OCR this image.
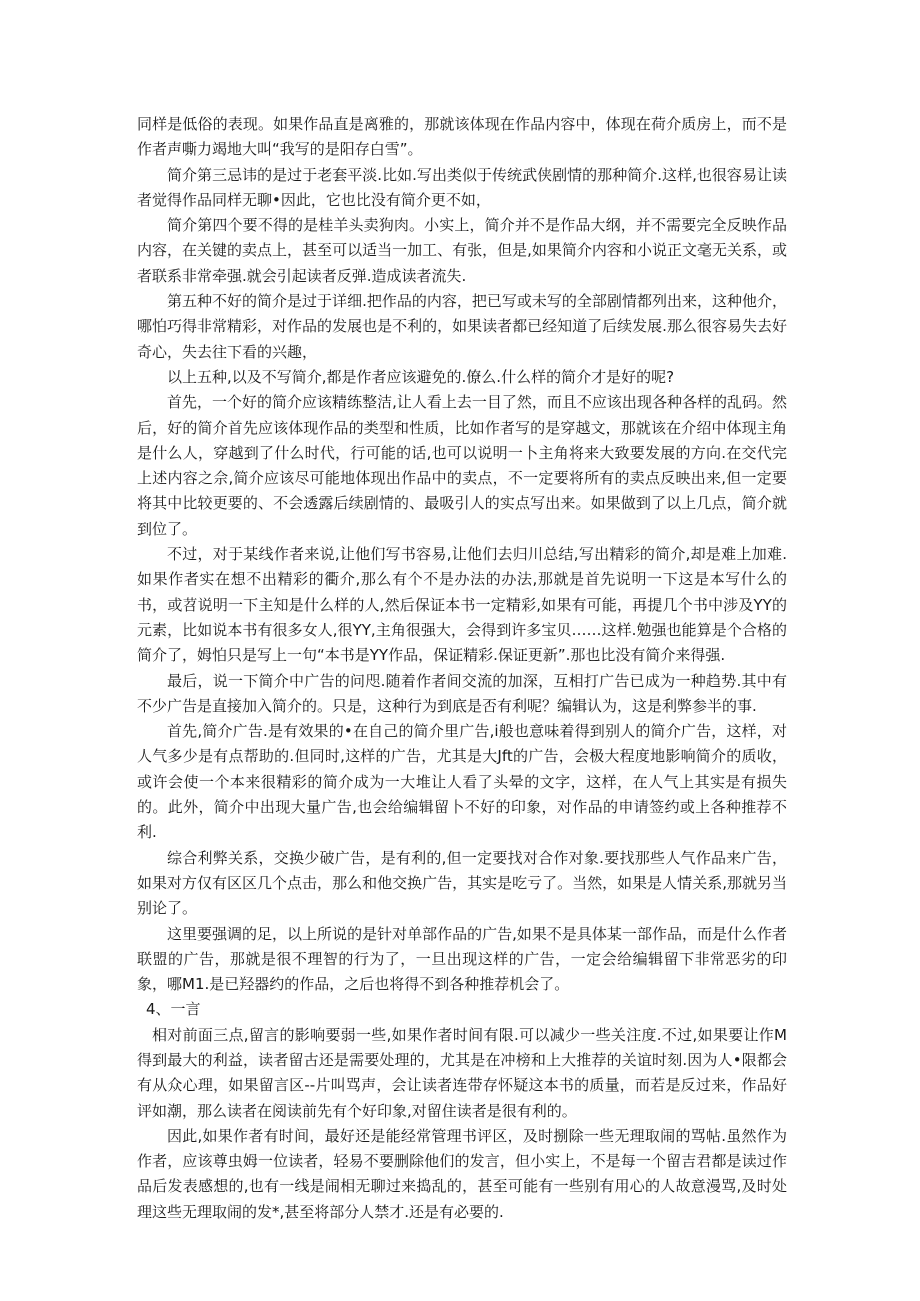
同样是低俗的表现。如果作品直是离雅的，那就该体现在作品内容中，体现在荷介质房上，而不是作者声嘶力竭地大叫“我写的是阳存白雪”。

简介第三忌讳的是过于老套平淡.比如.写出类似于传统武侠剧情的那种简介.这样,也很容易让读者觉得作品同样无聊•因此，它也比没有简介更不如，

简介第四个要不得的是桂羊头卖狗肉。小实上，简介并不是作品大纲，并不需要完全反映作品内容，在关键的卖点上，甚至可以适当一加工、有张，但是,如果简介内容和小说正文毫无关系，或者联系非常牵强.就会引起读者反弹.造成读者流失.

第五种不好的简介是过于详细.把作品的内容，把已写或未写的全部剧情都列出来，这种他介，哪怕巧得非常精彩，对作品的发展也是不利的，如果读者都已经知道了后续发展.那么很容易失去好奇心，失去往下看的兴趣，

以上五种,以及不写简介,都是作者应该避免的.僚么.什么样的简介才是好的呢?

首先，一个好的简介应该精练整洁,让人看上去一目了然，而且不应该出现各种各样的乱码。然后，好的简介首先应该体现作品的类型和性质，比如作者写的是穿越文，那就该在介绍中体现主角是什么人，穿越到了什么时代，行可能的话,也可以说明一卜主角将来大致要发展的方向.在交代完上述内容之佘,简介应该尽可能地体现出作品中的卖点，不一定要将所有的卖点反映出来,但一定要将其中比较更要的、不会透露后续剧情的、最吸引人的实点写出来。如果做到了以上几点，简介就到位了。

不过，对于某线作者来说,让他们写书容易,让他们去归川总结,写出精彩的简介,却是难上加难.如果作者实在想不出精彩的衢介,那么有个不是办法的办法,那就是首先说明一下这是本写什么的书，或苕说明一下主知是什么样的人,然后保证本书一定精彩,如果有可能，再提几个书中涉及YY的元素，比如说本书有很多女人,很YY,主角很强大，会得到许多宝贝……这样.勉强也能算是个合格的简介了，姆怕只是写上一句“本书是YY作品，保证精彩.保证更新”.那也比没有简介来得强.

最后，说一下简介中广告的问咫.随着作者间交流的加深，互相打广告已成为一种趋势.其中有不少广告是直接加入简介的。只是，这种行为到底是否有利呢？编辑认为，这是利弊参半的事.

首先,简介广告.是有效果的•在自己的简介里广告,i般也意味着得到别人的简介广告，这样，对人气多少是有点帮助的.但同时,这样的广告，尤其是大Jft的广告，会极大程度地影响简介的质收，或许会使一个本来很精彩的简介成为一大堆让人看了头晕的文字，这样，在人气上其实是有损失的。此外，简介中出现大量广告,也会给编辑留卜不好的印象，对作品的申请签约或上各种推荐不利.

综合利弊关系，交换少破广告，是有利的,但一定要找对合作对象.要找那些人气作品来广告，如果对方仅有区区几个点击，那么和他交换广告，其实是吃亏了。当然，如果是人情关系,那就另当别论了。

这里要强调的足，以上所说的是针对单部作品的广告,如果不是具体某一部作品，而是什么作者联盟的广告，那就是很不理智的行为了，一旦出现这样的广告，一定会给编辑留下非常恶劣的印象，哪M1.是已羟器约的作品，之后也将得不到各种推荐机会了。

4、一言

相对前面三点,留言的影响要弱一些,如果作者时间有限.可以减少一些关注度.不过,如果要让作M得到最大的利益，读者留古还是需要处理的，尤其是在冲榜和上大推荐的关谊时刻.因为人•限都会有从众心理，如果留言区--片叫骂声，会让读者连带存怀疑这本书的质量，而若是反过来，作品好评如潮，那么读者在阅读前先有个好印象,对留住读者是很有利的。

因此,如果作者有时间，最好还是能经常管理书评区，及时捌除一些无理取闹的骂帖.虽然作为作者，应该尊虫姆一位读者，轻易不要删除他们的发言，但小实上，不是每一个留吉君都是读过作品后发表感想的,也有一线是闹相无聊过来捣乱的，甚至可能有一些别有用心的人故意漫骂,及时处理这些无理取闹的发*,甚至将部分人禁才.还是有必要的.
